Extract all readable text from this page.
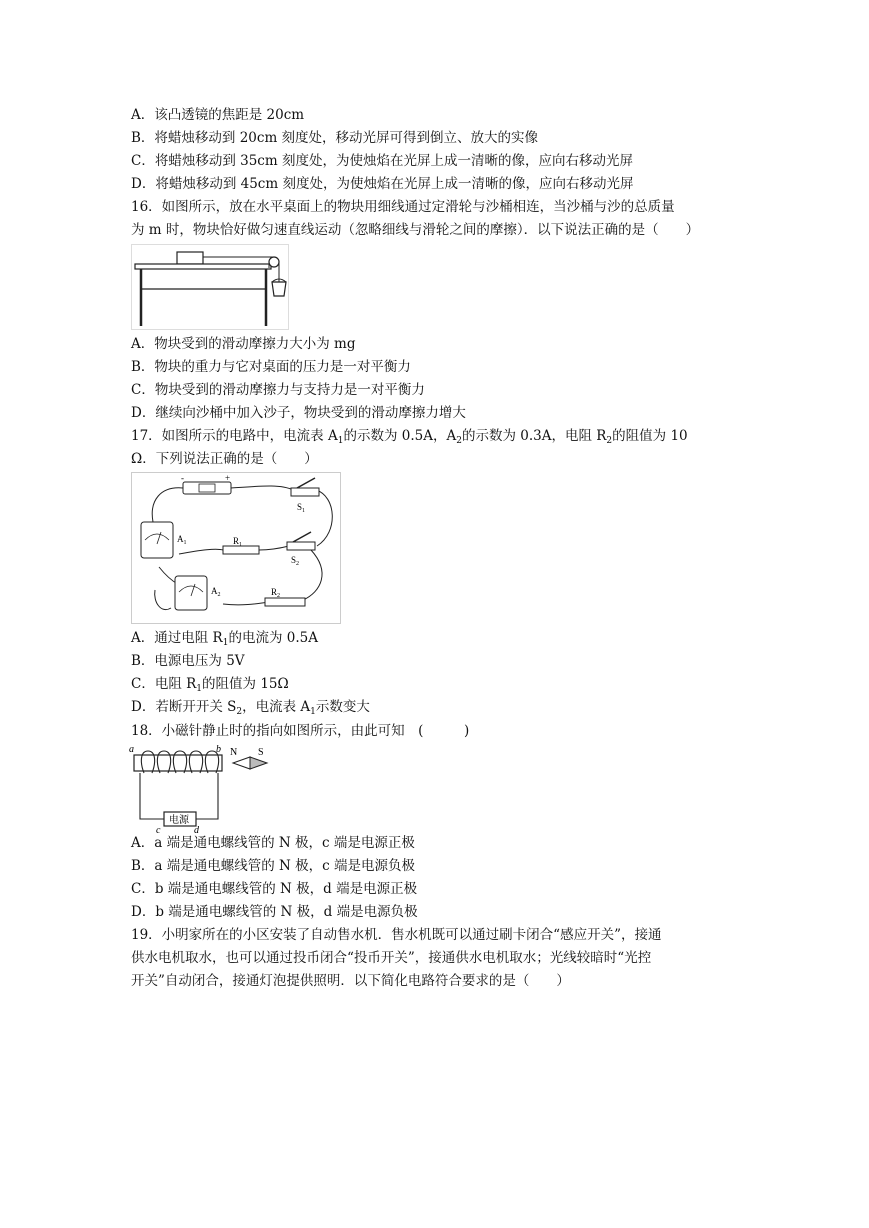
A．该凸透镜的焦距是 20cm
B．将蜡烛移动到 20cm 刻度处，移动光屏可得到倒立、放大的实像
C．将蜡烛移动到 35cm 刻度处，为使烛焰在光屏上成一清晰的像，应向右移动光屏
D．将蜡烛移动到 45cm 刻度处，为使烛焰在光屏上成一清晰的像，应向右移动光屏
16．如图所示，放在水平桌面上的物块用细线通过定滑轮与沙桶相连，当沙桶与沙的总质量
为 m 时，物块恰好做匀速直线运动（忽略细线与滑轮之间的摩擦）．以下说法正确的是（　　）
A．物块受到的滑动摩擦力大小为 mg
B．物块的重力与它对桌面的压力是一对平衡力
C．物块受到的滑动摩擦力与支持力是一对平衡力
D．继续向沙桶中加入沙子，物块受到的滑动摩擦力增大
17．如图所示的电路中，电流表 $A_1$的示数为 0.5A，$A_2$的示数为 0.3A，电阻 $R_2$的阻值为 10
Ω．下列说法正确的是（　　）
-	+
$S_1$
$S_2$
$A_1$
$A_2$
$R_1$
$R_2$
A．通过电阻 $R_1$的电流为 0.5A
B．电源电压为 5V
C．电阻 $R_1$的阻值为 15Ω
D．若断开开关 $S_2$，电流表 $A_1$示数变大
18．小磁针静止时的指向如图所示，由此可知　(　　　)
a	b
电源
c	d
N S
A．a 端是通电螺线管的 N 极，c 端是电源正极
B．a 端是通电螺线管的 N 极，c 端是电源负极
C．b 端是通电螺线管的 N 极，d 端是电源正极
D．b 端是通电螺线管的 N 极，d 端是电源负极
19．小明家所在的小区安装了自动售水机．售水机既可以通过刷卡闭合“感应开关”，接通
供水电机取水，也可以通过投币闭合“投币开关”，接通供水电机取水；光线较暗时“光控
开关”自动闭合，接通灯泡提供照明．以下简化电路符合要求的是（　　）
